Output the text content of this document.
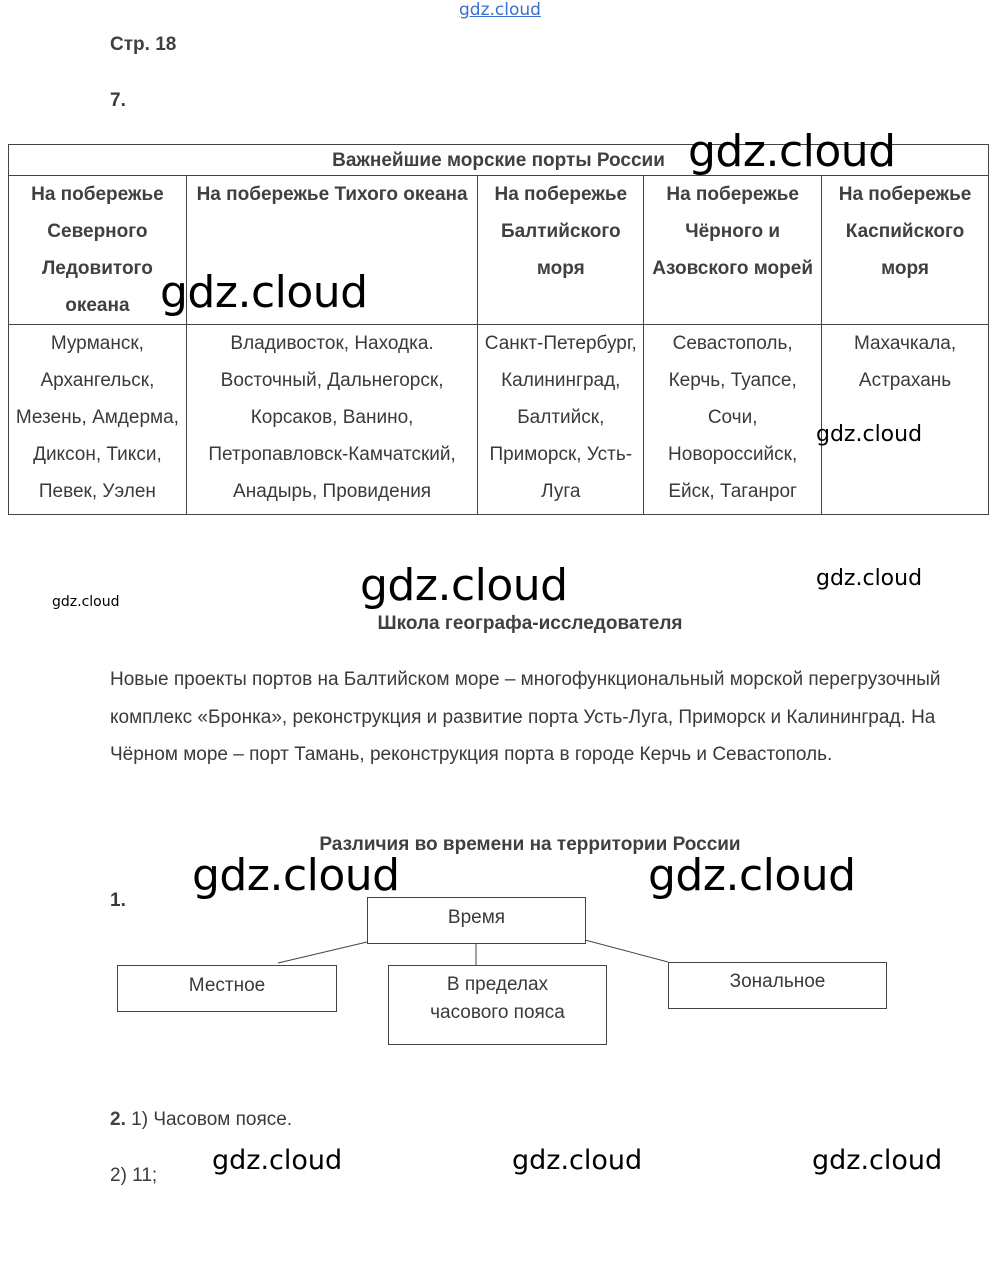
gdz.cloud
Стр. 18
7.
Важнейшие морские порты России				
На побережье Северного Ледовитого океана	На побережье Тихого океана	На побережье Балтийского моря	На побережье Чёрного и Азовского морей	На побережье Каспийского моря
Мурманск, Архангельск, Мезень, Амдерма, Диксон, Тикси, Певек, Уэлен	Владивосток, Находка. Восточный, Дальнегорск, Корсаков, Ванино, Петропавловск-Камчатский, Анадырь, Провидения	Санкт-Петербург, Калининград, Балтийск, Приморск, Усть-Луга	Севастополь, Керчь, Туапсе, Сочи, Новороссийск, Ейск, Таганрог	Махачкала, Астрахань
Школа географа-исследователя
Новые проекты портов на Балтийском море – многофункциональный морской перегрузочный комплекс «Бронка», реконструкция и развитие порта Усть-Луга, Приморск и Калининград. На Чёрном море – порт Тамань, реконструкция порта в городе Керчь и Севастополь.
Различия во времени на территории России
1.
Время
Местное	В пределах часового пояса
Зональное
2. 1) Часовом поясе.
2) 11;
gdz.cloud
gdz.cloud
gdz.cloud
gdz.cloud	gdz.cloud
gdz.cloud
gdz.cloud	gdz.cloud
gdz.cloud	gdz.cloud	gdz.cloud
